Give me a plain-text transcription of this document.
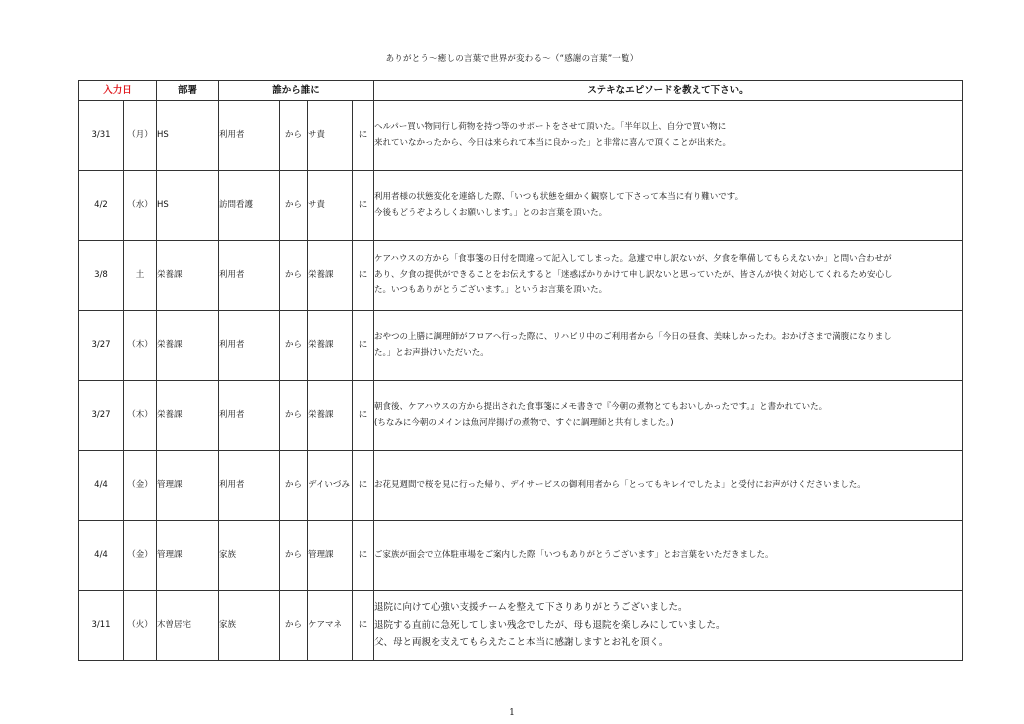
ありがとう～癒しの言葉で世界が変わる～（“感謝の言葉”一覧）
入力日		部署	誰から誰に				ステキなエピソードを教えて下さい。
3/31	（月）	HS	利用者	から	サ責	に	ヘルパー買い物同行し荷物を持つ等のサポートをさせて頂いた。「半年以上、自分で買い物に
来れていなかったから、今日は来られて本当に良かった」と非常に喜んで頂くことが出来た。

4/2	（水）	HS	訪問看護	から	サ責	に	利用者様の状態変化を連絡した際、「いつも状態を細かく観察して下さって本当に有り難いです。
今後もどうぞよろしくお願いします。」とのお言葉を頂いた。

3/8	土	栄養課	利用者	から	栄養課	に	ケアハウスの方から「食事箋の日付を間違って記入してしまった。急遽で申し訳ないが、夕食を準備してもらえないか」と問い合わせが
あり、夕食の提供ができることをお伝えすると「迷惑ばかりかけて申し訳ないと思っていたが、皆さんが快く対応してくれるため安心し
た。いつもありがとうございます。」というお言葉を頂いた。

3/27	（木）	栄養課	利用者	から	栄養課	に	おやつの上膳に調理師がフロアへ行った際に、リハビリ中のご利用者から「今日の昼食、美味しかったわ。おかげさまで満腹になりまし
た。」とお声掛けいただいた。

3/27	（木）	栄養課	利用者	から	栄養課	に	朝食後、ケアハウスの方から提出された食事箋にメモ書きで『今朝の煮物とてもおいしかったです。』と書かれていた。
(ちなみに今朝のメインは魚河岸揚げの煮物で、すぐに調理師と共有しました。)

4/4	（金）	管理課	利用者	から	デイいづみ	に	お花見週間で桜を見に行った帰り、デイサービスの御利用者から「とってもキレイでしたよ」と受付にお声がけくださいました。

4/4	（金）	管理課	家族	から	管理課	に	ご家族が面会で立体駐車場をご案内した際「いつもありがとうございます」とお言葉をいただきました。

3/11	（火）	木曽居宅	家族	から	ケアマネ	に	退院に向けて心強い支援チームを整えて下さりありがとうございました。
退院する直前に急死してしまい残念でしたが、母も退院を楽しみにしていました。
父、母と両親を支えてもらえたこと本当に感謝しますとお礼を頂く。
1
